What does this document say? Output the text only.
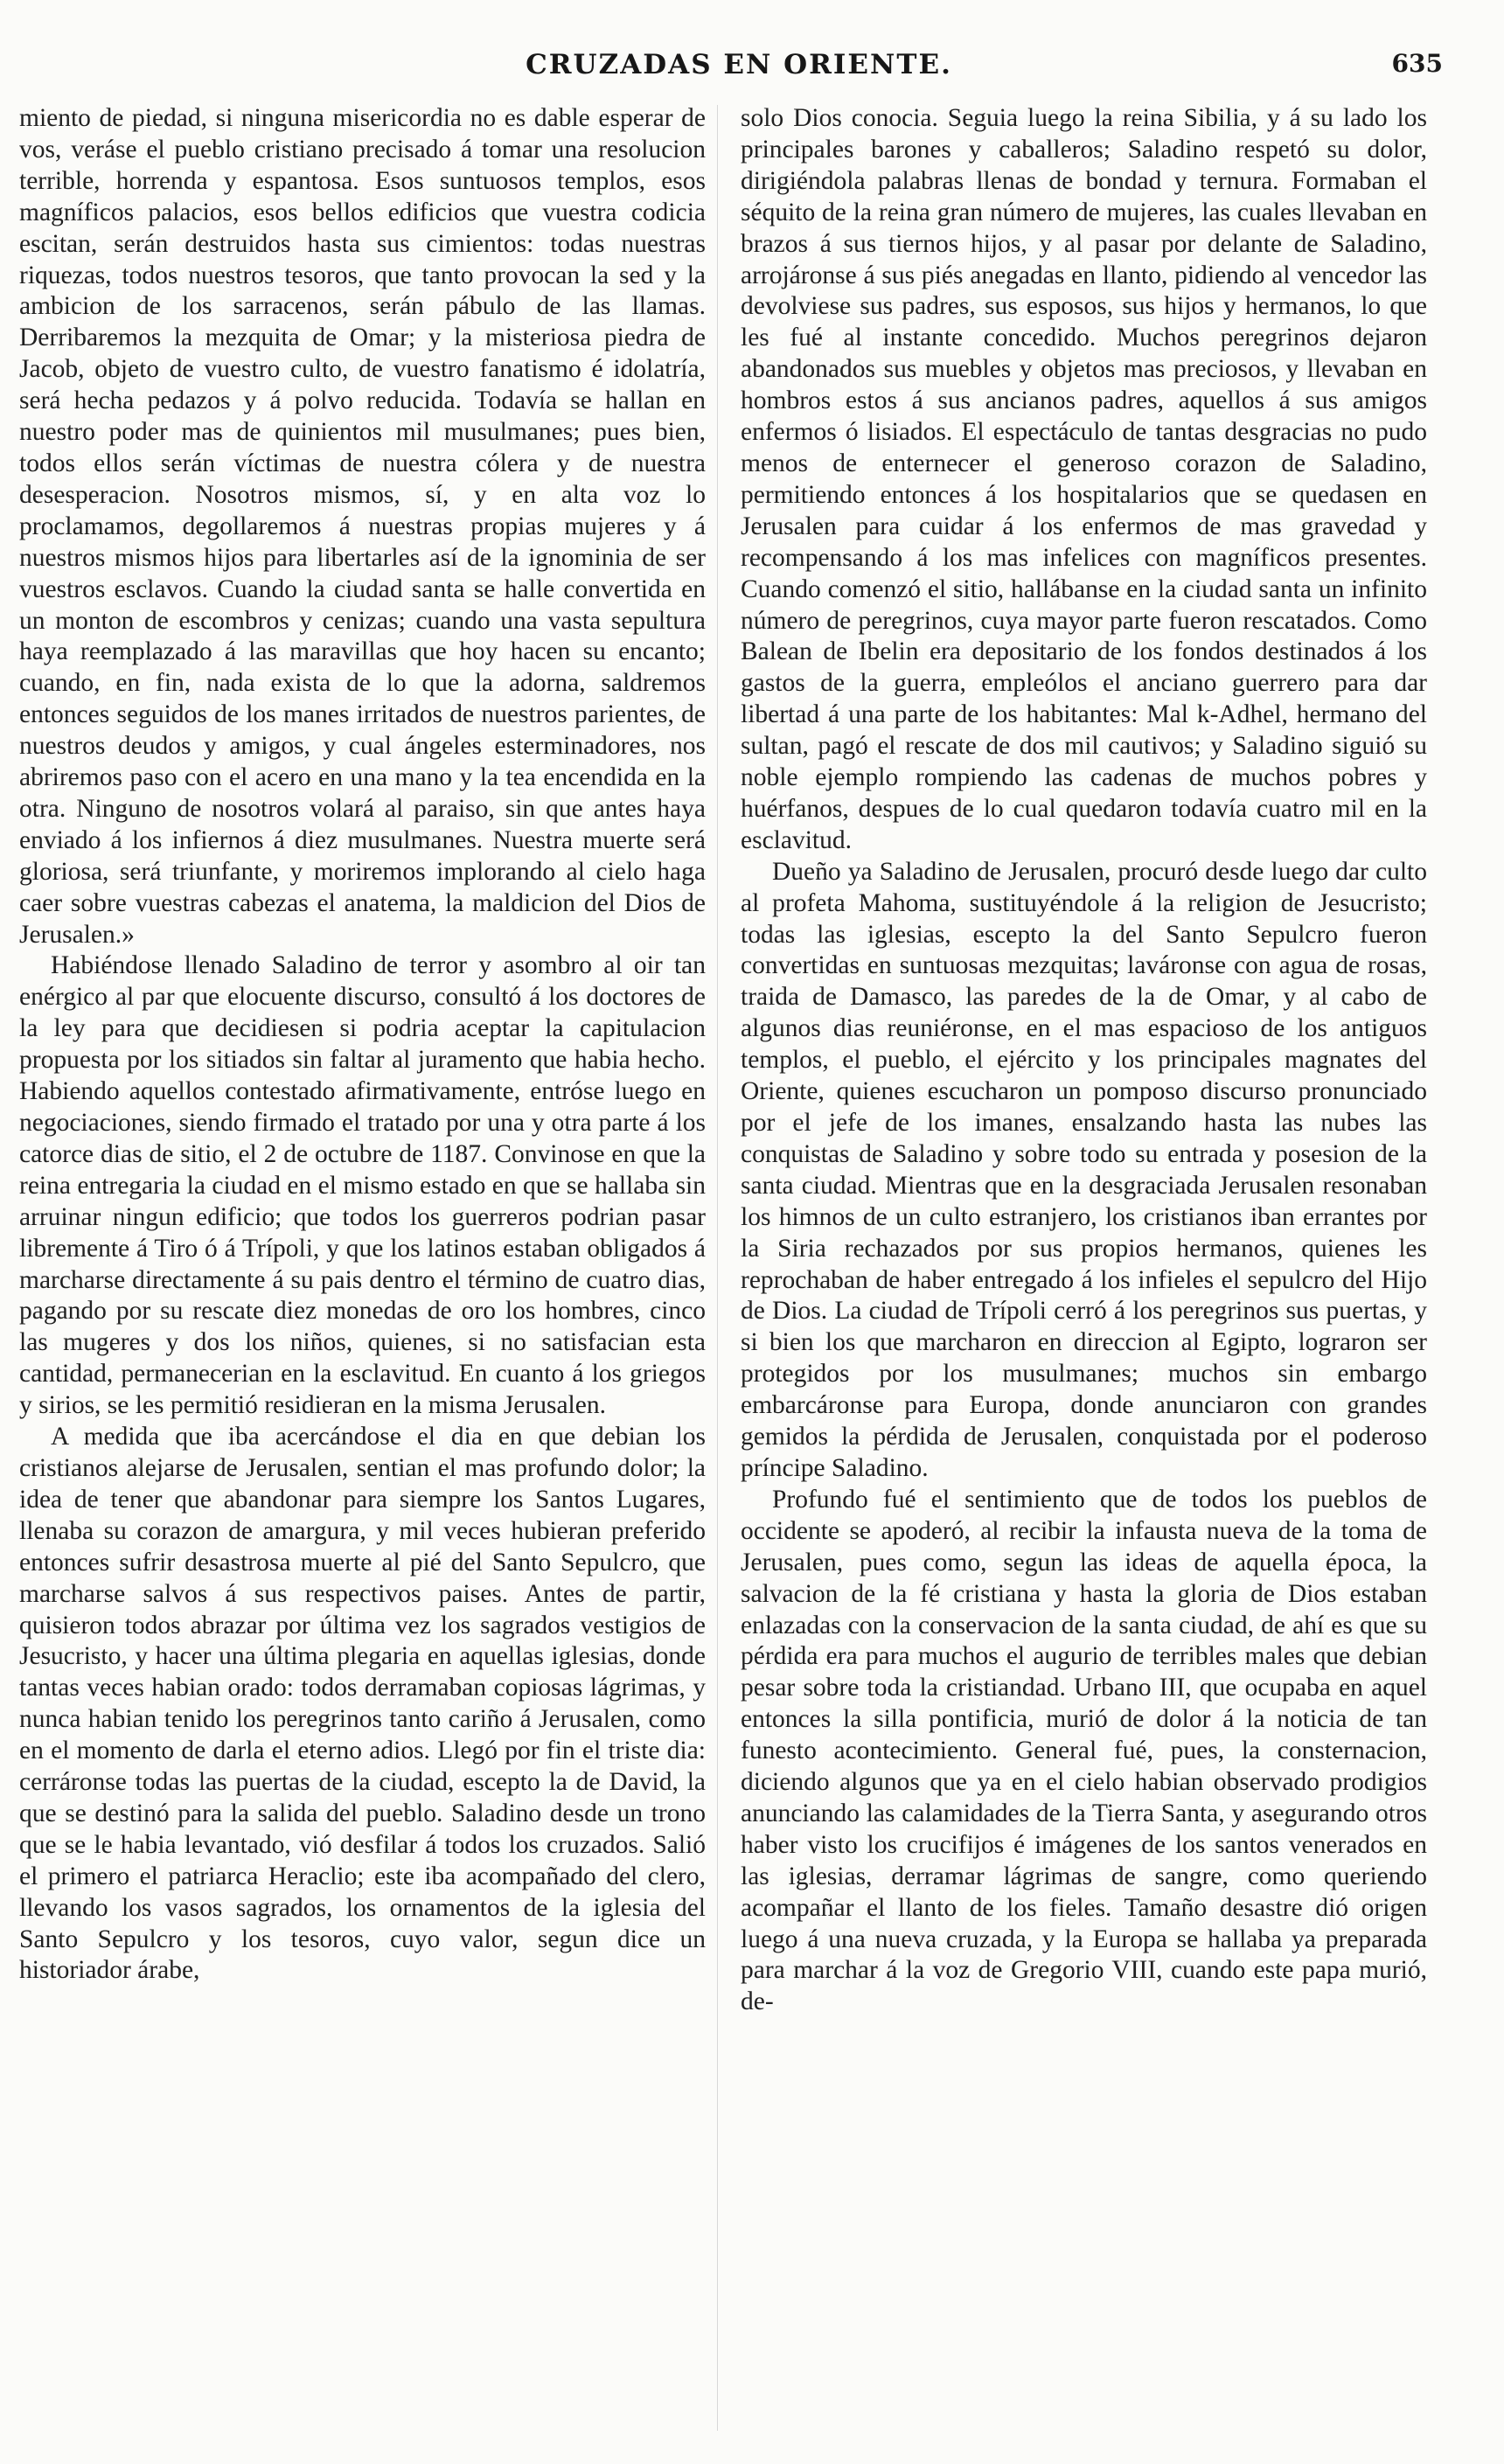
CRUZADAS EN ORIENTE.	635

miento de piedad, si ninguna misericordia no es dable esperar de vos, veráse el pueblo cristiano precisado á tomar una resolucion terrible, horrenda y espantosa. Esos suntuosos templos, esos magníficos palacios, esos bellos edificios que vuestra codicia escitan, serán destruidos hasta sus cimientos: todas nuestras riquezas, todos nuestros tesoros, que tanto provocan la sed y la ambicion de los sarracenos, serán pábulo de las llamas. Derribaremos la mezquita de Omar; y la misteriosa piedra de Jacob, objeto de vuestro culto, de vuestro fanatismo é idolatría, será hecha pedazos y á polvo reducida. Todavía se hallan en nuestro poder mas de quinientos mil musulmanes; pues bien, todos ellos serán víctimas de nuestra cólera y de nuestra desesperacion. Nosotros mismos, sí, y en alta voz lo proclamamos, degollaremos á nuestras propias mujeres y á nuestros mismos hijos para libertarles así de la ignominia de ser vuestros esclavos. Cuando la ciudad santa se halle convertida en un monton de escombros y cenizas; cuando una vasta sepultura haya reemplazado á las maravillas que hoy hacen su encanto; cuando, en fin, nada exista de lo que la adorna, saldremos entonces seguidos de los manes irritados de nuestros parientes, de nuestros deudos y amigos, y cual ángeles esterminadores, nos abriremos paso con el acero en una mano y la tea encendida en la otra. Ninguno de nosotros volará al paraiso, sin que antes haya enviado á los infiernos á diez musulmanes. Nuestra muerte será gloriosa, será triunfante, y moriremos implorando al cielo haga caer sobre vuestras cabezas el anatema, la maldicion del Dios de Jerusalen.»

Habiéndose llenado Saladino de terror y asombro al oir tan enérgico al par que elocuente discurso, consultó á los doctores de la ley para que decidiesen si podria aceptar la capitulacion propuesta por los sitiados sin faltar al juramento que habia hecho. Habiendo aquellos contestado afirmativamente, entróse luego en negociaciones, siendo firmado el tratado por una y otra parte á los catorce dias de sitio, el 2 de octubre de 1187. Convinose en que la reina entregaria la ciudad en el mismo estado en que se hallaba sin arruinar ningun edificio; que todos los guerreros podrian pasar libremente á Tiro ó á Trípoli, y que los latinos estaban obligados á marcharse directamente á su pais dentro el término de cuatro dias, pagando por su rescate diez monedas de oro los hombres, cinco las mugeres y dos los niños, quienes, si no satisfacian esta cantidad, permanecerian en la esclavitud. En cuanto á los griegos y sirios, se les permitió residieran en la misma Jerusalen.

A medida que iba acercándose el dia en que debian los cristianos alejarse de Jerusalen, sentian el mas profundo dolor; la idea de tener que abandonar para siempre los Santos Lugares, llenaba su corazon de amargura, y mil veces hubieran preferido entonces sufrir desastrosa muerte al pié del Santo Sepulcro, que marcharse salvos á sus respectivos paises. Antes de partir, quisieron todos abrazar por última vez los sagrados vestigios de Jesucristo, y hacer una última plegaria en aquellas iglesias, donde tantas veces habian orado: todos derramaban copiosas lágrimas, y nunca habian tenido los peregrinos tanto cariño á Jerusalen, como en el momento de darla el eterno adios. Llegó por fin el triste dia: cerráronse todas las puertas de la ciudad, escepto la de David, la que se destinó para la salida del pueblo. Saladino desde un trono que se le habia levantado, vió desfilar á todos los cruzados. Salió el primero el patriarca Heraclio; este iba acompañado del clero, llevando los vasos sagrados, los ornamentos de la iglesia del Santo Sepulcro y los tesoros, cuyo valor, segun dice un historiador árabe,

solo Dios conocia. Seguia luego la reina Sibilia, y á su lado los principales barones y caballeros; Saladino respetó su dolor, dirigiéndola palabras llenas de bondad y ternura. Formaban el séquito de la reina gran número de mujeres, las cuales llevaban en brazos á sus tiernos hijos, y al pasar por delante de Saladino, arrojáronse á sus piés anegadas en llanto, pidiendo al vencedor las devolviese sus padres, sus esposos, sus hijos y hermanos, lo que les fué al instante concedido. Muchos peregrinos dejaron abandonados sus muebles y objetos mas preciosos, y llevaban en hombros estos á sus ancianos padres, aquellos á sus amigos enfermos ó lisiados. El espectáculo de tantas desgracias no pudo menos de enternecer el generoso corazon de Saladino, permitiendo entonces á los hospitalarios que se quedasen en Jerusalen para cuidar á los enfermos de mas gravedad y recompensando á los mas infelices con magníficos presentes. Cuando comenzó el sitio, hallábanse en la ciudad santa un infinito número de peregrinos, cuya mayor parte fueron rescatados. Como Balean de Ibelin era depositario de los fondos destinados á los gastos de la guerra, empleólos el anciano guerrero para dar libertad á una parte de los habitantes: Mal k-Adhel, hermano del sultan, pagó el rescate de dos mil cautivos; y Saladino siguió su noble ejemplo rompiendo las cadenas de muchos pobres y huérfanos, despues de lo cual quedaron todavía cuatro mil en la esclavitud.

Dueño ya Saladino de Jerusalen, procuró desde luego dar culto al profeta Mahoma, sustituyéndole á la religion de Jesucristo; todas las iglesias, escepto la del Santo Sepulcro fueron convertidas en suntuosas mezquitas; laváronse con agua de rosas, traida de Damasco, las paredes de la de Omar, y al cabo de algunos dias reuniéronse, en el mas espacioso de los antiguos templos, el pueblo, el ejército y los principales magnates del Oriente, quienes escucharon un pomposo discurso pronunciado por el jefe de los imanes, ensalzando hasta las nubes las conquistas de Saladino y sobre todo su entrada y posesion de la santa ciudad. Mientras que en la desgraciada Jerusalen resonaban los himnos de un culto estranjero, los cristianos iban errantes por la Siria rechazados por sus propios hermanos, quienes les reprochaban de haber entregado á los infieles el sepulcro del Hijo de Dios. La ciudad de Trípoli cerró á los peregrinos sus puertas, y si bien los que marcharon en direccion al Egipto, lograron ser protegidos por los musulmanes; muchos sin embargo embarcáronse para Europa, donde anunciaron con grandes gemidos la pérdida de Jerusalen, conquistada por el poderoso príncipe Saladino.

Profundo fué el sentimiento que de todos los pueblos de occidente se apoderó, al recibir la infausta nueva de la toma de Jerusalen, pues como, segun las ideas de aquella época, la salvacion de la fé cristiana y hasta la gloria de Dios estaban enlazadas con la conservacion de la santa ciudad, de ahí es que su pérdida era para muchos el augurio de terribles males que debian pesar sobre toda la cristiandad. Urbano III, que ocupaba en aquel entonces la silla pontificia, murió de dolor á la noticia de tan funesto acontecimiento. General fué, pues, la consternacion, diciendo algunos que ya en el cielo habian observado prodigios anunciando las calamidades de la Tierra Santa, y asegurando otros haber visto los crucifijos é imágenes de los santos venerados en las iglesias, derramar lágrimas de sangre, como queriendo acompañar el llanto de los fieles. Tamaño desastre dió origen luego á una nueva cruzada, y la Europa se hallaba ya preparada para marchar á la voz de Gregorio VIII, cuando este papa murió, de-
